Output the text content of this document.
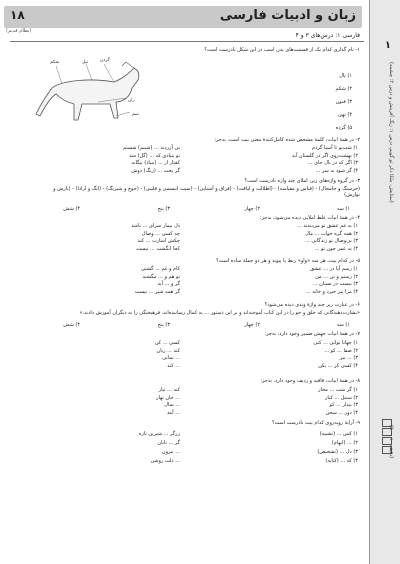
۱
(ستایش، ملکا ذکر تو گویم، درس ۱: زنگ آفرینش و درس ۲: چشمه)
(۵ — ۱۰ دقیقه)
زبان و ادبیات فارسی
۱۸
(نظام قدیم)
فارسی ۱: درس‌های ۳ و ۴
۱- نام گذاری کدام یک از قسمت‌های بدن اسب در این شکل نادرست است؟
گردن
تپل
شکم
ران
سم
۱) یال
۲) شکم
۳) فنون
۴) تهی
۵) گرده
۲- در همهٔ ابیات، کلمهٔ مشخص شده کامل‌کنندهٔ معنی بیت است، به‌جز:
۱) شب‌پو تا آسیا گردم
۲) بهشت‌روی اگر در گلستان آید
۳) اگر که در بال جای ...
۴) گر شود به سر ...
بی آزردند ... (شبنم) شستم
تو بنیادی که ... (گل) شد
کفتار از ... (بنیاد) بیگانه
گر بخت ... (رنگ) دوش
۳- در گروه واژه‌های زیر، املای چند واژه نادرست است؟
(خرسنگ و خامخال) - (قیاس و مقیاسه) - (اطلالت و لیاقت) - (فراق و آشنایی) - (سپت انبسمی و قلیبی) - (خوچ و شیرنگ) - (انگ و ارادا) - (بارش و نوازش)
۱) سه
۲) چهار
۳) پنج
۴) شش
۴- در همهٔ ابیات غلط املایی دیده می‌شود، به‌جز:
۱) به غم عشق تو می‌بندند ...
۲) همه گره خواب ... مال
۳) بی‌وصال تو زندگانی ...
۴) به عمر چون تو ...
دل بیمار سرای ... باشد
چه کسی ... وصال
چکش اسارت ... کند
کجا انگشت ... نیست
۵- در کدام بیت، هر سه «واو» ربط یا پیوند و هر دو جملهٔ ساده است؟
۱) رسم آیا در ... عشق
۲) رستم و تن ... من
۳) نیست در بستان ...
۴) مرا پیر خیرد و خانه ...
کام و غم ... گشتی
تو هم و ... مگشند
گر و ... آید
گر همه شیر ... نیست
۶- در عبارت زیر چند واژهٔ وندی دیده می‌شود؟
«بشارت‌دهندگانی که خلق و خو را در این کتاب آموخته‌اند و بر این دستور ... به کمال رسانیده‌اند، فرهیختگی را به دیگران آموزش دادند.»
۱) سه
۲) چهار
۳) پنج
۴) شش
۷- در همهٔ ابیات جهش ضمیر وجود دارد، به‌جز:
۱) جهانا توانی ... کنی
۲) صفا ... کو ...
۳) ... نیز
۴) کسی کز ... بکن
کسی ... کن
کند ... زبان
... بمانی
... کند
۸- در همهٔ ابیات، قافیه و ردیف وجود دارد، به‌جز:
۱) گر شب ... مخاز
۲) سنبل ... کنار
۳) بیدار ... کو
۴) دور ... سخن
کند ... نیاز
... جان بهار
... سال
... آمد
۹- آرایهٔ روبه‌روی کدام بیت نادرست است؟
۱) کس ... (تشبیه)
۲) ... (ایهام)
۳) دل ... (تشخیص)
۴) که ... (کنایه)
زرگر ... شیرین تازه
گر ... تابان
... بیرون
... دلت روشن
